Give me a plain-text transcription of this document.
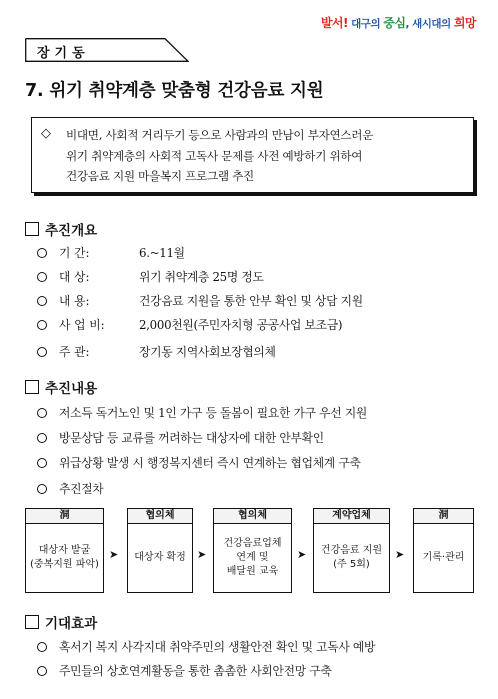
발서! 대구의 중심, 새시대의 희망
장기동
7. 위기 취약계층 맞춤형 건강음료 지원
◇	비대면, 사회적 거리두기 등으로 사람과의 만남이 부자연스러운

위기 취약계층의 사회적 고독사 문제를 사전 예방하기 위하여

건강음료 지원 마을복지 프로그램 추진

추진개요
기 간:	6.~11월
대 상:	위기 취약계층 25명 정도
내 용:	건강음료 지원을 통한 안부 확인 및 상담 지원
사 업 비:	2,000천원(주민자치형 공공사업 보조금)
주 관:	장기동 지역사회보장협의체
추진내용
저소득 독거노인 및 1인 가구 등 돌봄이 필요한 가구 우선 지원
방문상담 등 교류를 꺼려하는 대상자에 대한 안부확인
위급상황 발생 시 행정복지센터 즉시 연계하는 협업체계 구축
추진절차
洞
대상자 발굴
(중복지원 파악)
➤
협의체
대상자 확정 ➤
협의체
건강음료업체
연계 및
배달원 교육
➤
계약업체
건강음료 지원
(주 5회)
➤
洞
기록·관리
기대효과
혹서기 복지 사각지대 취약주민의 생활안전 확인 및 고독사 예방
주민들의 상호연계활동을 통한 촘촘한 사회안전망 구축
